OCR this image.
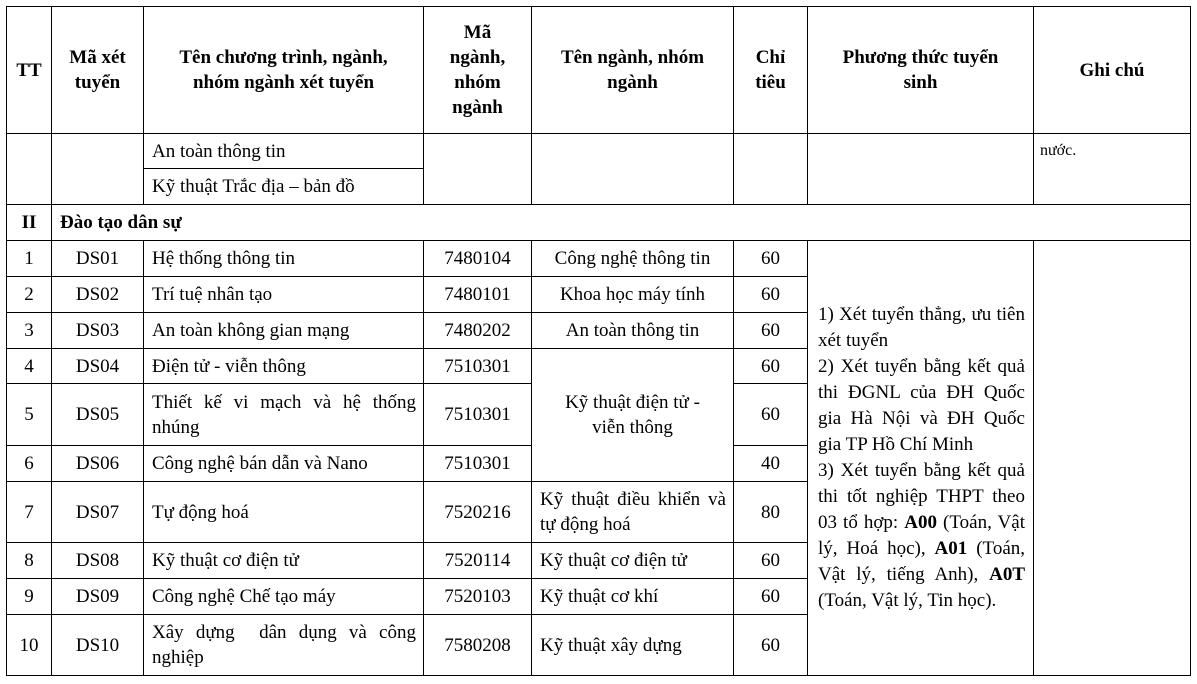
TT	Mã xét tuyển	Tên chương trình, ngành, nhóm ngành xét tuyển	Mã ngành, nhóm ngành	Tên ngành, nhóm ngành	Chỉ tiêu	Phương thức tuyển sinh	Ghi chú
		An toàn thông tin					nước.
		Kỹ thuật Trắc địa – bản đồ					
II	Đào tạo dân sự						
1	DS01	Hệ thống thông tin	7480104	Công nghệ thông tin	60	1) Xét tuyển thẳng, ưu tiên xét tuyển

2) Xét tuyển bằng kết quả thi ĐGNL của ĐH Quốc gia Hà Nội và ĐH Quốc gia TP Hồ Chí Minh

3) Xét tuyển bằng kết quả thi tốt nghiệp THPT theo 03 tổ hợp: A00 (Toán, Vật lý, Hoá học), A01 (Toán, Vật lý, tiếng Anh), A0T (Toán, Vật lý, Tin học).	

2	DS02	Trí tuệ nhân tạo	7480101	Khoa học máy tính	60		
3	DS03	An toàn không gian mạng	7480202	An toàn thông tin	60		
4	DS04	Điện tử - viễn thông	7510301	Kỹ thuật điện tử - viễn thông	60		
5	DS05	Thiết kế vi mạch và hệ thống nhúng	7510301		60		
6	DS06	Công nghệ bán dẫn và Nano	7510301		40		
7	DS07	Tự động hoá	7520216	Kỹ thuật điều khiển và tự động hoá	80		
8	DS08	Kỹ thuật cơ điện tử	7520114	Kỹ thuật cơ điện tử	60		
9	DS09	Công nghệ Chế tạo máy	7520103	Kỹ thuật cơ khí	60		
10	DS10	Xây dựng  dân dụng và công nghiệp	7580208	Kỹ thuật xây dựng	60		
